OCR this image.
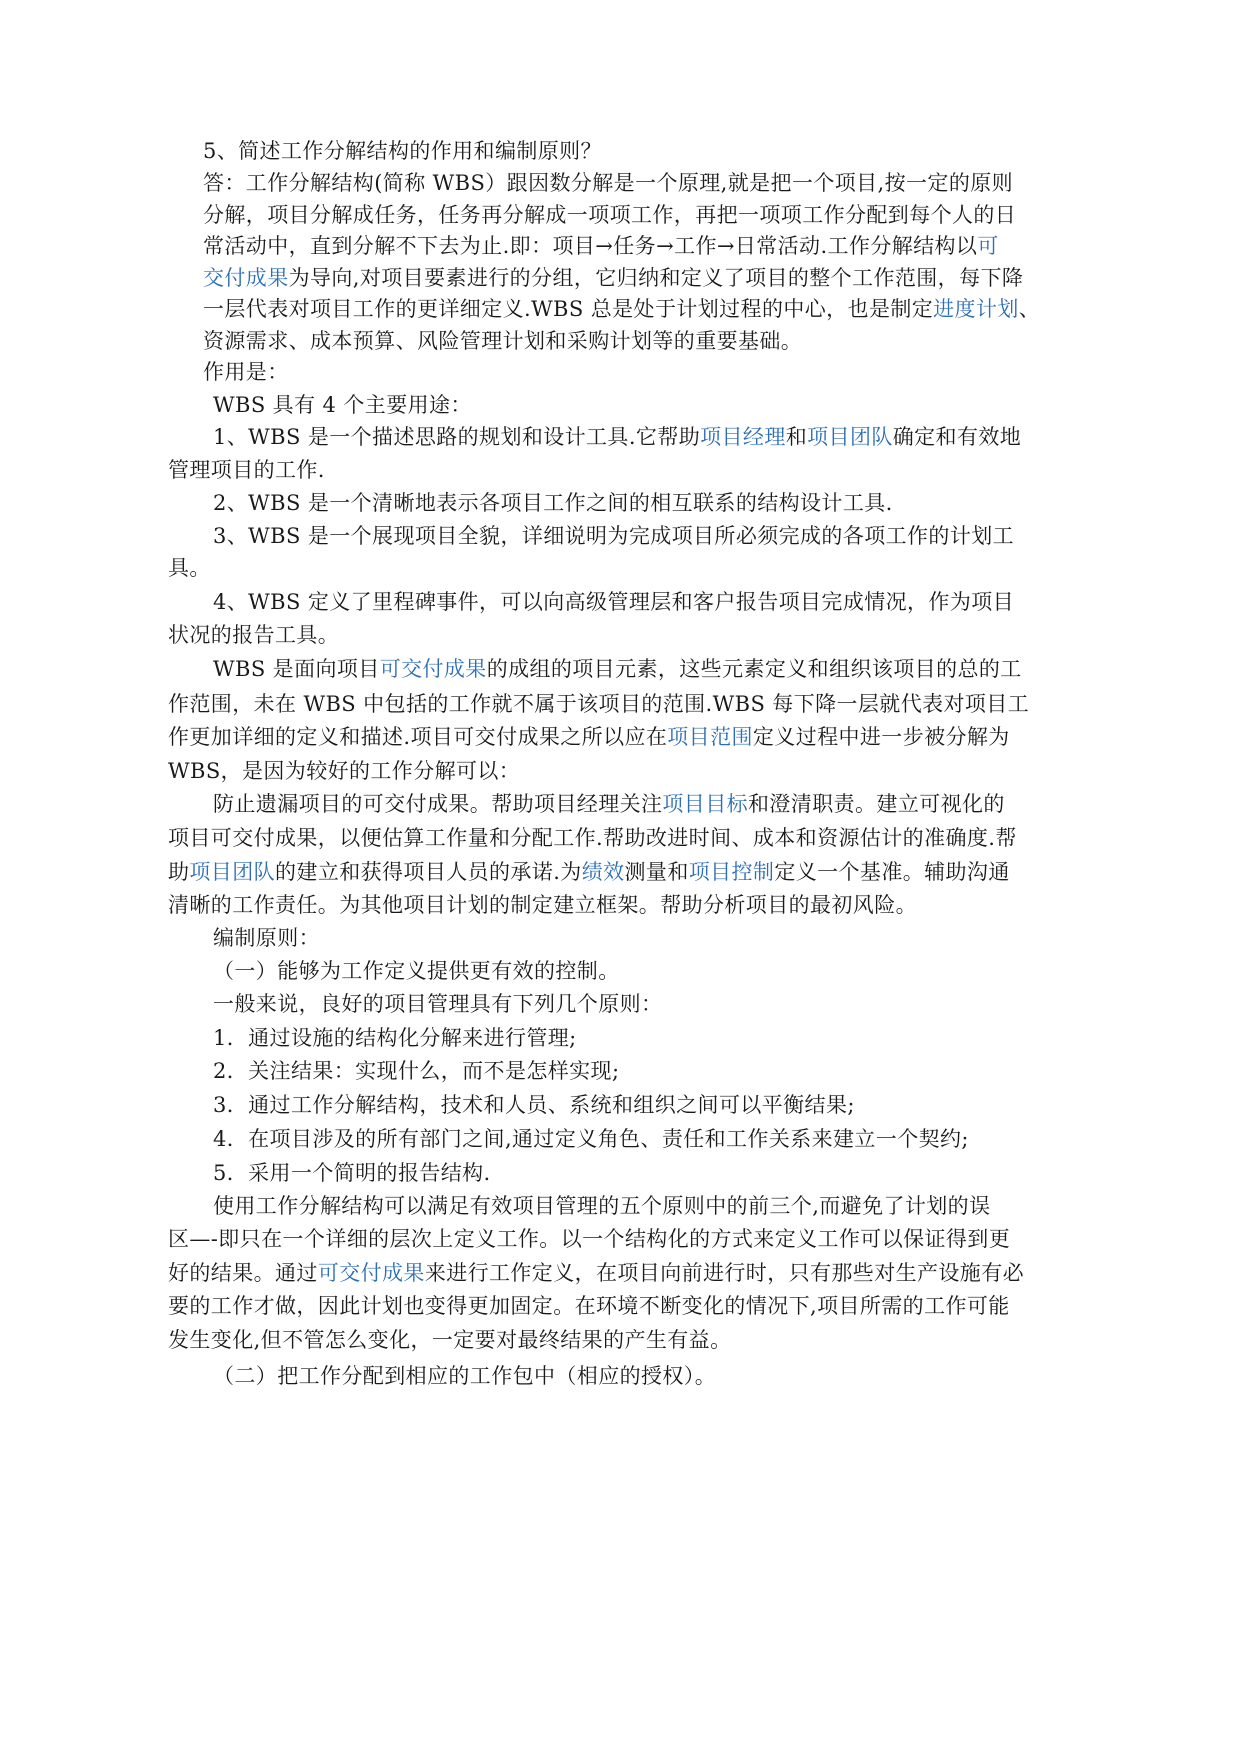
5、简述工作分解结构的作用和编制原则？

答：工作分解结构(简称 WBS）跟因数分解是一个原理,就是把一个项目,按一定的原则

分解，项目分解成任务，任务再分解成一项项工作，再把一项项工作分配到每个人的日

常活动中，直到分解不下去为止.即：项目→任务→工作→日常活动.工作分解结构以可

交付成果为导向,对项目要素进行的分组，它归纳和定义了项目的整个工作范围，每下降

一层代表对项目工作的更详细定义.WBS 总是处于计划过程的中心，也是制定进度计划、

资源需求、成本预算、风险管理计划和采购计划等的重要基础。

作用是：

WBS 具有 4 个主要用途：

1、WBS 是一个描述思路的规划和设计工具.它帮助项目经理和项目团队确定和有效地

管理项目的工作.

2、WBS 是一个清晰地表示各项目工作之间的相互联系的结构设计工具.

3、WBS 是一个展现项目全貌，详细说明为完成项目所必须完成的各项工作的计划工

具。

4、WBS 定义了里程碑事件，可以向高级管理层和客户报告项目完成情况，作为项目

状况的报告工具。

WBS 是面向项目可交付成果的成组的项目元素，这些元素定义和组织该项目的总的工

作范围，未在 WBS 中包括的工作就不属于该项目的范围.WBS 每下降一层就代表对项目工

作更加详细的定义和描述.项目可交付成果之所以应在项目范围定义过程中进一步被分解为

WBS，是因为较好的工作分解可以：

防止遗漏项目的可交付成果。帮助项目经理关注项目目标和澄清职责。建立可视化的

项目可交付成果，以便估算工作量和分配工作.帮助改进时间、成本和资源估计的准确度.帮

助项目团队的建立和获得项目人员的承诺.为绩效测量和项目控制定义一个基准。辅助沟通

清晰的工作责任。为其他项目计划的制定建立框架。帮助分析项目的最初风险。

编制原则：

（一）能够为工作定义提供更有效的控制。

一般来说，良好的项目管理具有下列几个原则：

1．通过设施的结构化分解来进行管理;

2．关注结果：实现什么，而不是怎样实现;

3．通过工作分解结构，技术和人员、系统和组织之间可以平衡结果;

4．在项目涉及的所有部门之间,通过定义角色、责任和工作关系来建立一个契约;

5．采用一个简明的报告结构.

使用工作分解结构可以满足有效项目管理的五个原则中的前三个,而避免了计划的误

区—-即只在一个详细的层次上定义工作。以一个结构化的方式来定义工作可以保证得到更

好的结果。通过可交付成果来进行工作定义，在项目向前进行时，只有那些对生产设施有必

要的工作才做，因此计划也变得更加固定。在环境不断变化的情况下,项目所需的工作可能

发生变化,但不管怎么变化，一定要对最终结果的产生有益。

（二）把工作分配到相应的工作包中（相应的授权）。
